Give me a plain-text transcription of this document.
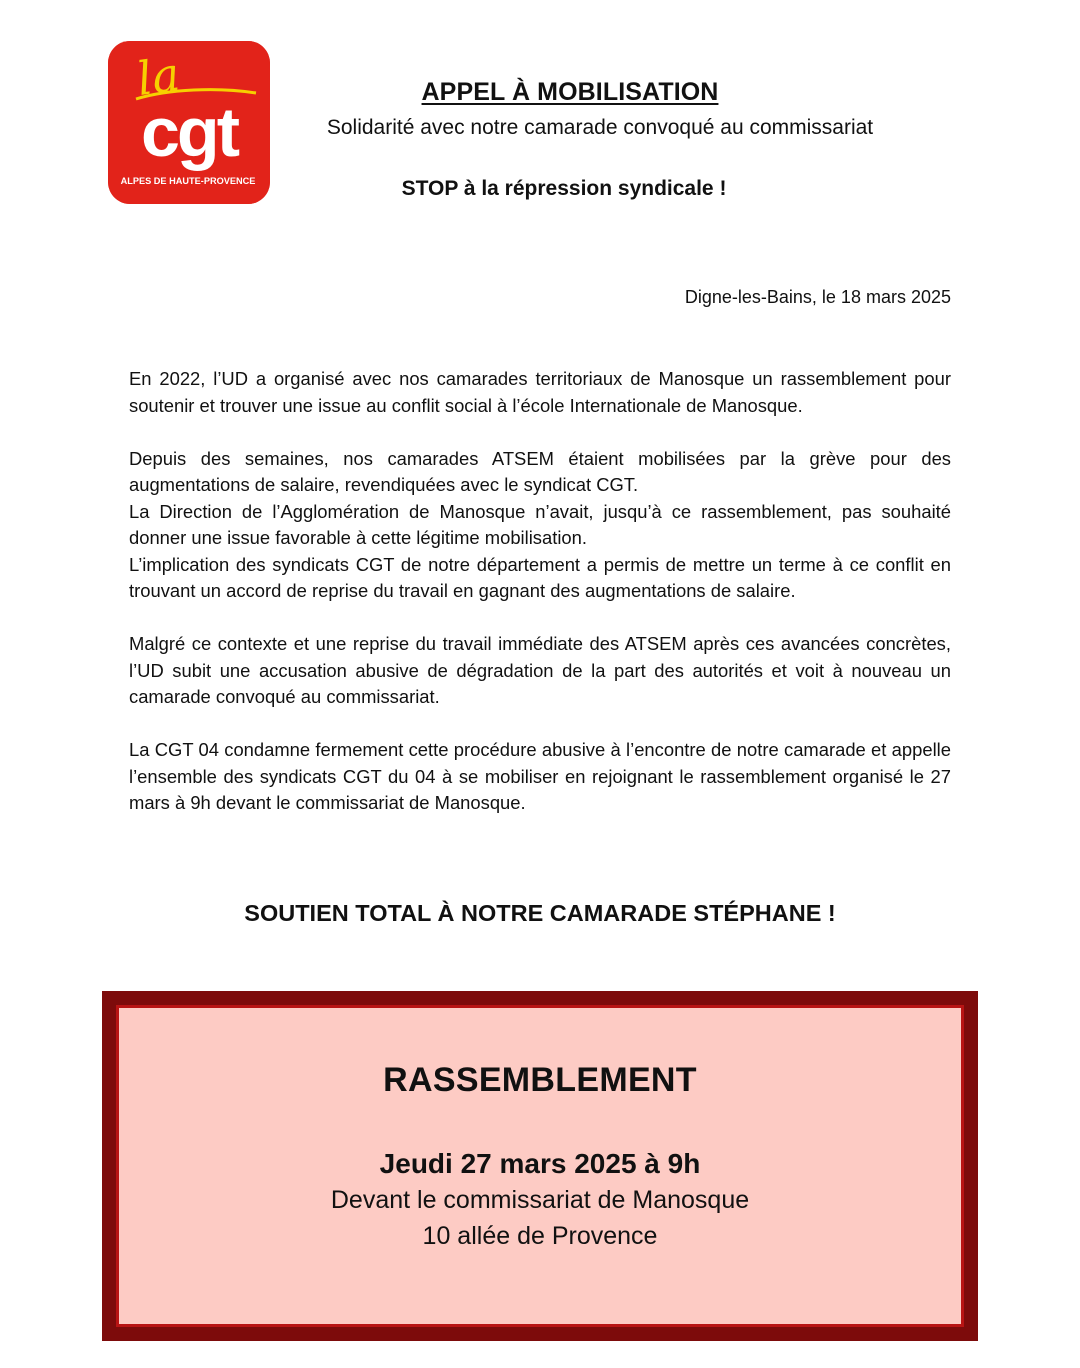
la
cgt
ALPES DE HAUTE-PROVENCE
APPEL À MOBILISATION
Solidarité avec notre camarade convoqué au commissariat
STOP à la répression syndicale !
Digne-les-Bains, le 18 mars 2025

En 2022, l’UD a organisé avec nos camarades territoriaux de Manosque un rassemblement pour soutenir et trouver une issue au conflit social à l’école Internationale de Manosque.

Depuis des semaines, nos camarades ATSEM étaient mobilisées par la grève pour des augmentations de salaire, revendiquées avec le syndicat CGT.

La Direction de l’Agglomération de Manosque n’avait, jusqu’à ce rassemblement, pas souhaité donner une issue favorable à cette légitime mobilisation.

L’implication des syndicats CGT de notre département a permis de mettre un terme à ce conflit en trouvant un accord de reprise du travail en gagnant des augmentations de salaire.

Malgré ce contexte et une reprise du travail immédiate des ATSEM après ces avancées concrètes, l’UD subit une accusation abusive de dégradation de la part des autorités et voit à nouveau un camarade convoqué au commissariat.

La CGT 04 condamne fermement cette procédure abusive à l’encontre de notre camarade et appelle l’ensemble des syndicats CGT du 04 à se mobiliser en rejoignant le rassemblement organisé le 27 mars à 9h devant le commissariat de Manosque.

SOUTIEN TOTAL À NOTRE CAMARADE STÉPHANE !
RASSEMBLEMENT
Jeudi 27 mars 2025 à 9h
Devant le commissariat de Manosque
10 allée de Provence
